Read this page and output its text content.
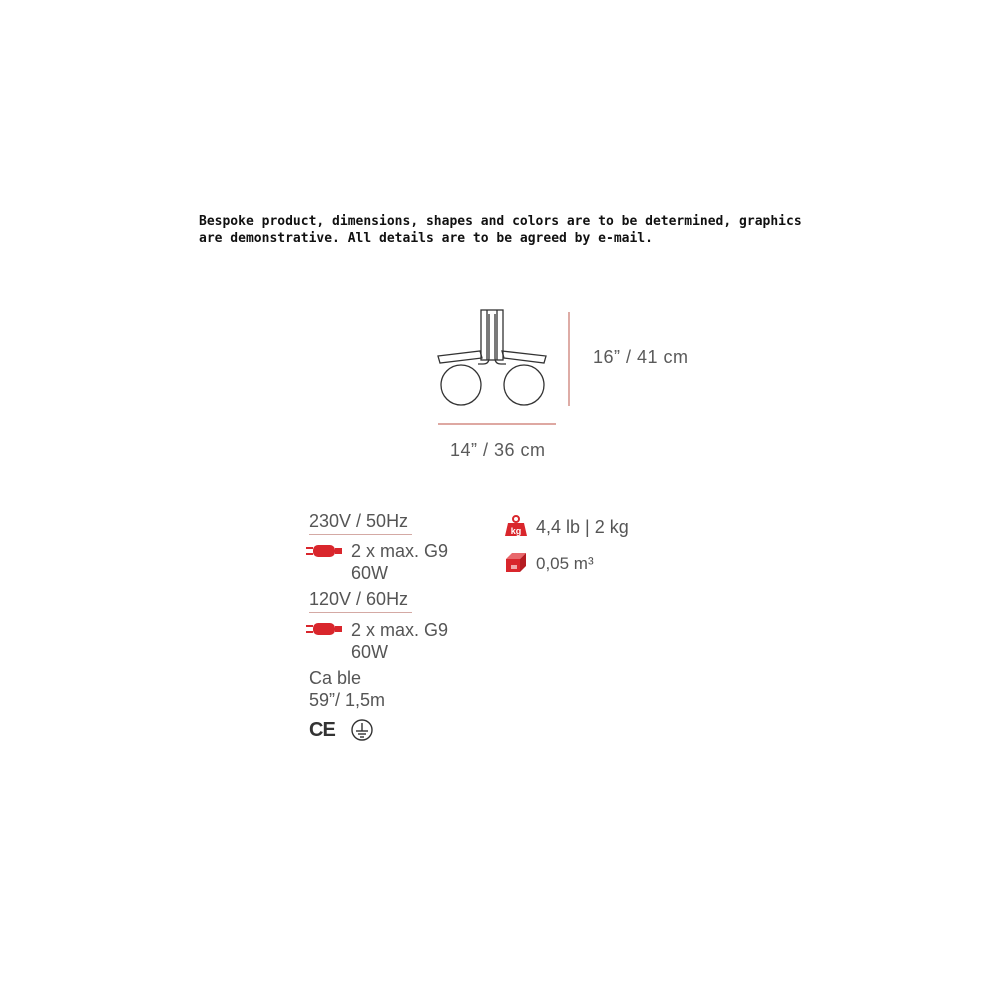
Bespoke product, dimensions, shapes and colors are to be determined, graphics
are demonstrative. All details are to be agreed by e-mail.
16” / 41 cm
14” / 36 cm
230V / 50Hz
2 x max. G9
60W
120V / 60Hz
2 x max. G9
60W
Ca ble
59”/ 1,5m
CE
kg 4,4 lb | 2 kg
0,05 m³
